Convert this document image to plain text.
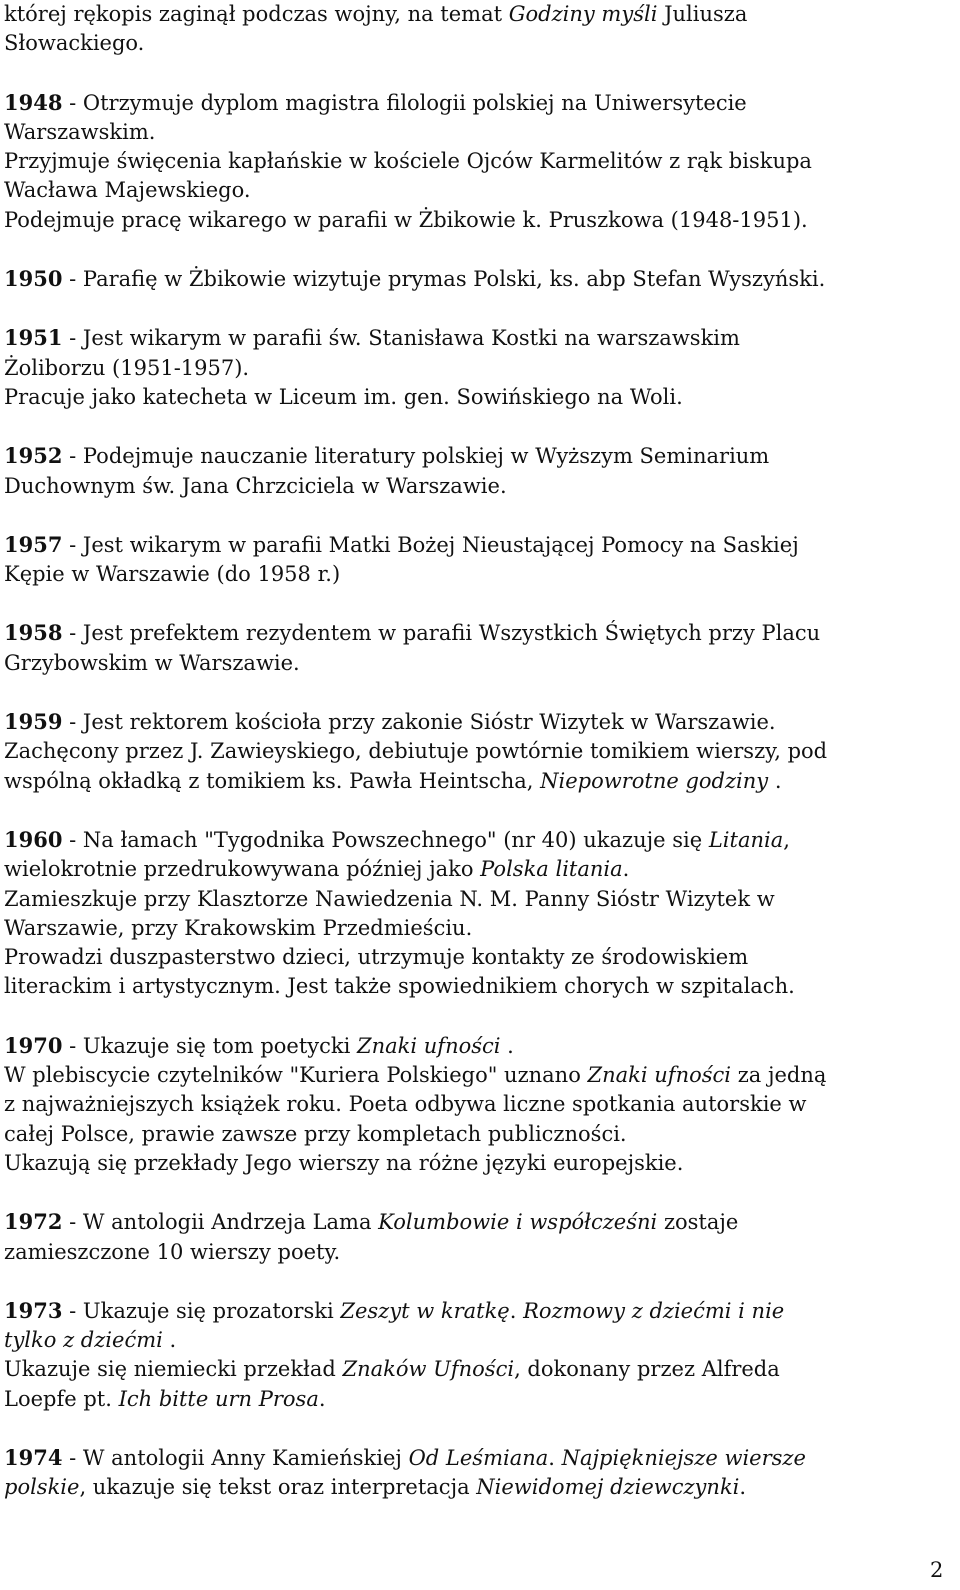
której rękopis zaginął podczas wojny, na temat Godziny myśli Juliusza
Słowackiego.
1948 - Otrzymuje dyplom magistra filologii polskiej na Uniwersytecie
Warszawskim.
Przyjmuje święcenia kapłańskie w kościele Ojców Karmelitów z rąk biskupa
Wacława Majewskiego.
Podejmuje pracę wikarego w parafii w Żbikowie k. Pruszkowa (1948-1951).
1950 - Parafię w Żbikowie wizytuje prymas Polski, ks. abp Stefan Wyszyński.
1951 - Jest wikarym w parafii św. Stanisława Kostki na warszawskim
Żoliborzu (1951-1957).
Pracuje jako katecheta w Liceum im. gen. Sowińskiego na Woli.
1952 - Podejmuje nauczanie literatury polskiej w Wyższym Seminarium
Duchownym św. Jana Chrzciciela w Warszawie.
1957 - Jest wikarym w parafii Matki Bożej Nieustającej Pomocy na Saskiej
Kępie w Warszawie (do 1958 r.)
1958 - Jest prefektem rezydentem w parafii Wszystkich Świętych przy Placu
Grzybowskim w Warszawie.
1959 - Jest rektorem kościoła przy zakonie Sióstr Wizytek w Warszawie.
Zachęcony przez J. Zawieyskiego, debiutuje powtórnie tomikiem wierszy, pod
wspólną okładką z tomikiem ks. Pawła Heintscha, Niepowrotne godziny .
1960 - Na łamach "Tygodnika Powszechnego" (nr 40) ukazuje się Litania,
wielokrotnie przedrukowywana później jako Polska litania.
Zamieszkuje przy Klasztorze Nawiedzenia N. M. Panny Sióstr Wizytek w
Warszawie, przy Krakowskim Przedmieściu.
Prowadzi duszpasterstwo dzieci, utrzymuje kontakty ze środowiskiem
literackim i artystycznym. Jest także spowiednikiem chorych w szpitalach.
1970 - Ukazuje się tom poetycki Znaki ufności .
W plebiscycie czytelników "Kuriera Polskiego" uznano Znaki ufności za jedną
z najważniejszych książek roku. Poeta odbywa liczne spotkania autorskie w
całej Polsce, prawie zawsze przy kompletach publiczności.
Ukazują się przekłady Jego wierszy na różne języki europejskie.
1972 - W antologii Andrzeja Lama Kolumbowie i współcześni zostaje
zamieszczone 10 wierszy poety.
1973 - Ukazuje się prozatorski Zeszyt w kratkę. Rozmowy z dziećmi i nie
tylko z dziećmi .
Ukazuje się niemiecki przekład Znaków Ufności, dokonany przez Alfreda
Loepfe pt. Ich bitte urn Prosa.
1974 - W antologii Anny Kamieńskiej Od Leśmiana. Najpiękniejsze wiersze
polskie, ukazuje się tekst oraz interpretacja Niewidomej dziewczynki.
2
